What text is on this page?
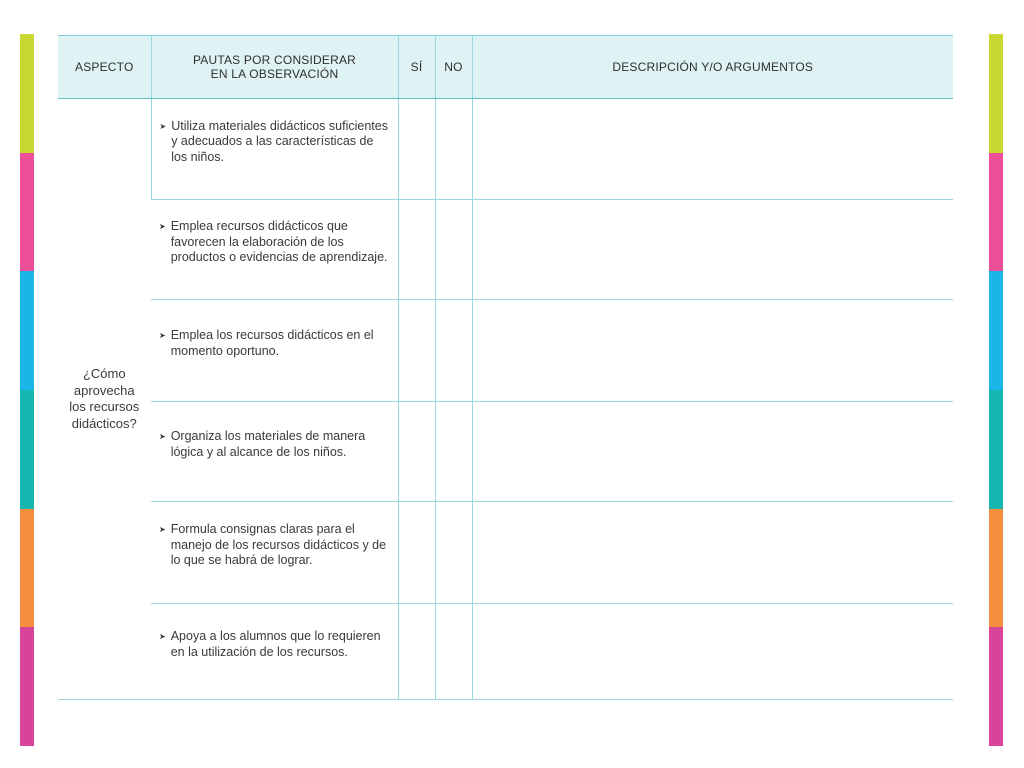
ASPECTO	PAUTAS POR CONSIDERAR EN LA OBSERVACIÓN	SÍ	NO	DESCRIPCIÓN Y/O ARGUMENTOS
¿Cómo aprovecha los recursos didácticos?	➤ Utiliza materiales didácticos suficientes y adecuados a las características de los niños.			

	➤ Emplea recursos didácticos que favorecen la elaboración de los productos o evidencias de aprendizaje.			

	➤ Emplea los recursos didácticos en el momento oportuno.			

	➤ Organiza los materiales de manera lógica y al alcance de los niños.			

	➤ Formula consignas claras para el manejo de los recursos didácticos y de lo que se habrá de lograr.			

	➤ Apoya a los alumnos que lo requieren en la utilización de los recursos.			
